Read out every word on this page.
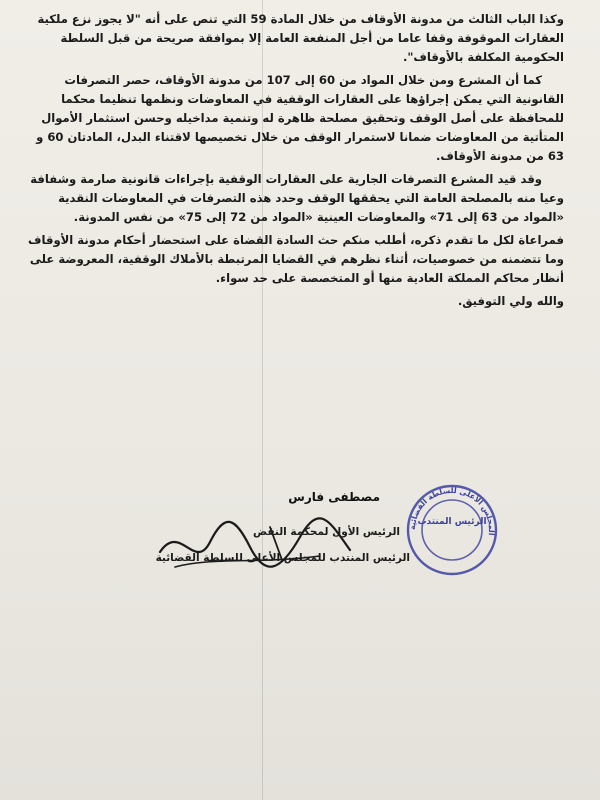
وكذا الباب الثالث من مدونة الأوقاف من خلال المادة 59 التي تنص على أنه "لا يجوز نزع ملكية العقارات الموقوفة وقفا عاما من أجل المنفعة العامة إلا بموافقة صريحة من قبل السلطة الحكومية المكلفة بالأوقاف".

كما أن المشرع ومن خلال المواد من 60 إلى 107 من مدونة الأوقاف، حصر التصرفات القانونية التي يمكن إجراؤها على العقارات الوقفية في المعاوضات ونظمها تنظيما محكما للمحافظة على أصل الوقف وتحقيق مصلحة ظاهرة له وتنمية مداخيله وحسن استثمار الأموال المتأتية من المعاوضات ضمانا لاستمرار الوقف من خلال تخصيصها لاقتناء البدل، المادتان 60 و 63 من مدونة الأوقاف.

وقد قيد المشرع التصرفات الجارية على العقارات الوقفية بإجراءات قانونية صارمة وشفافة وعيا منه بالمصلحة العامة التي يحققها الوقف وحدد هذه التصرفات في المعاوضات النقدية «المواد من 63 إلى 71» والمعاوضات العينية «المواد من 72 إلى 75» من نفس المدونة.

فمراعاة لكل ما تقدم ذكره، أطلب منكم حث السادة القضاة على استحضار أحكام مدونة الأوقاف وما تتضمنه من خصوصيات، أثناء نظرهم في القضايا المرتبطة بالأملاك الوقفية، المعروضة على أنظار محاكم المملكة العادية منها أو المتخصصة على حد سواء.

والله ولي التوفيق.

مصطفى فارس
الرئيس الأول لمحكمة النقض
الرئيس المنتدب للمجلس الأعلى للسلطة القضائية
المجلس الأعلى للسلطة القضائية
الرئيس المنتدب
